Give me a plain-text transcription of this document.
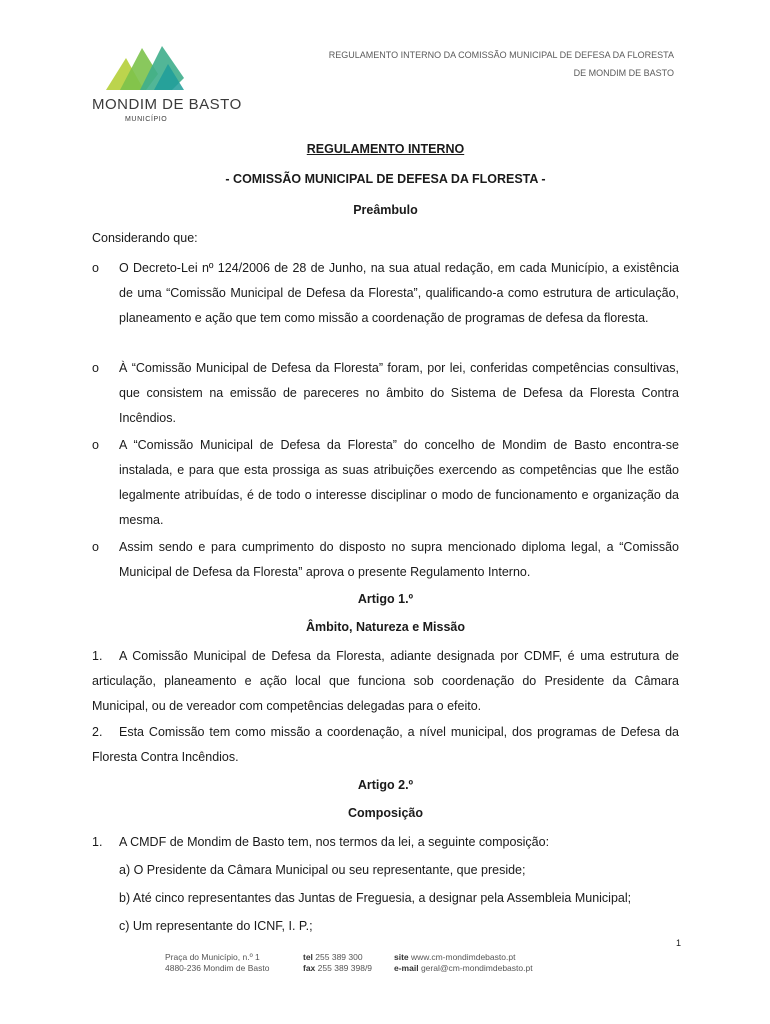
MONDIM DE BASTO
MUNICÍPIO
REGULAMENTO INTERNO DA COMISSÃO MUNICIPAL DE DEFESA DA FLORESTA
DE MONDIM DE BASTO
REGULAMENTO INTERNO
- COMISSÃO MUNICIPAL DE DEFESA DA FLORESTA -
Preâmbulo
Considerando que:
o O Decreto-Lei nº 124/2006 de 28 de Junho, na sua atual redação, em cada Município, a existência de uma “Comissão Municipal de Defesa da Floresta”, qualificando-a como estrutura de articulação, planeamento e ação que tem como missão a coordenação de programas de defesa da floresta.
o À “Comissão Municipal de Defesa da Floresta” foram, por lei, conferidas competências consultivas, que consistem na emissão de pareceres no âmbito do Sistema de Defesa da Floresta Contra Incêndios.
o A “Comissão Municipal de Defesa da Floresta” do concelho de Mondim de Basto encontra-se instalada, e para que esta prossiga as suas atribuições exercendo as competências que lhe estão legalmente atribuídas, é de todo o interesse disciplinar o modo de funcionamento e organização da mesma.
o Assim sendo e para cumprimento do disposto no supra mencionado diploma legal, a “Comissão Municipal de Defesa da Floresta” aprova o presente Regulamento Interno.
Artigo 1.º
Âmbito, Natureza e Missão
1. A Comissão Municipal de Defesa da Floresta, adiante designada por CDMF, é uma estrutura de articulação, planeamento e ação local que funciona sob coordenação do Presidente da Câmara Municipal, ou de vereador com competências delegadas para o efeito.
2. Esta Comissão tem como missão a coordenação, a nível municipal, dos programas de Defesa da Floresta Contra Incêndios.
Artigo 2.º
Composição
1. A CMDF de Mondim de Basto tem, nos termos da lei, a seguinte composição:
a) O Presidente da Câmara Municipal ou seu representante, que preside;
b) Até cinco representantes das Juntas de Freguesia, a designar pela Assembleia Municipal;
c) Um representante do ICNF, I. P.;
1
Praça do Município, n.º 1
4880-236 Mondim de Basto
tel 255 389 300
fax 255 389 398/9
site www.cm-mondimdebasto.pt
e-mail geral@cm-mondimdebasto.pt
